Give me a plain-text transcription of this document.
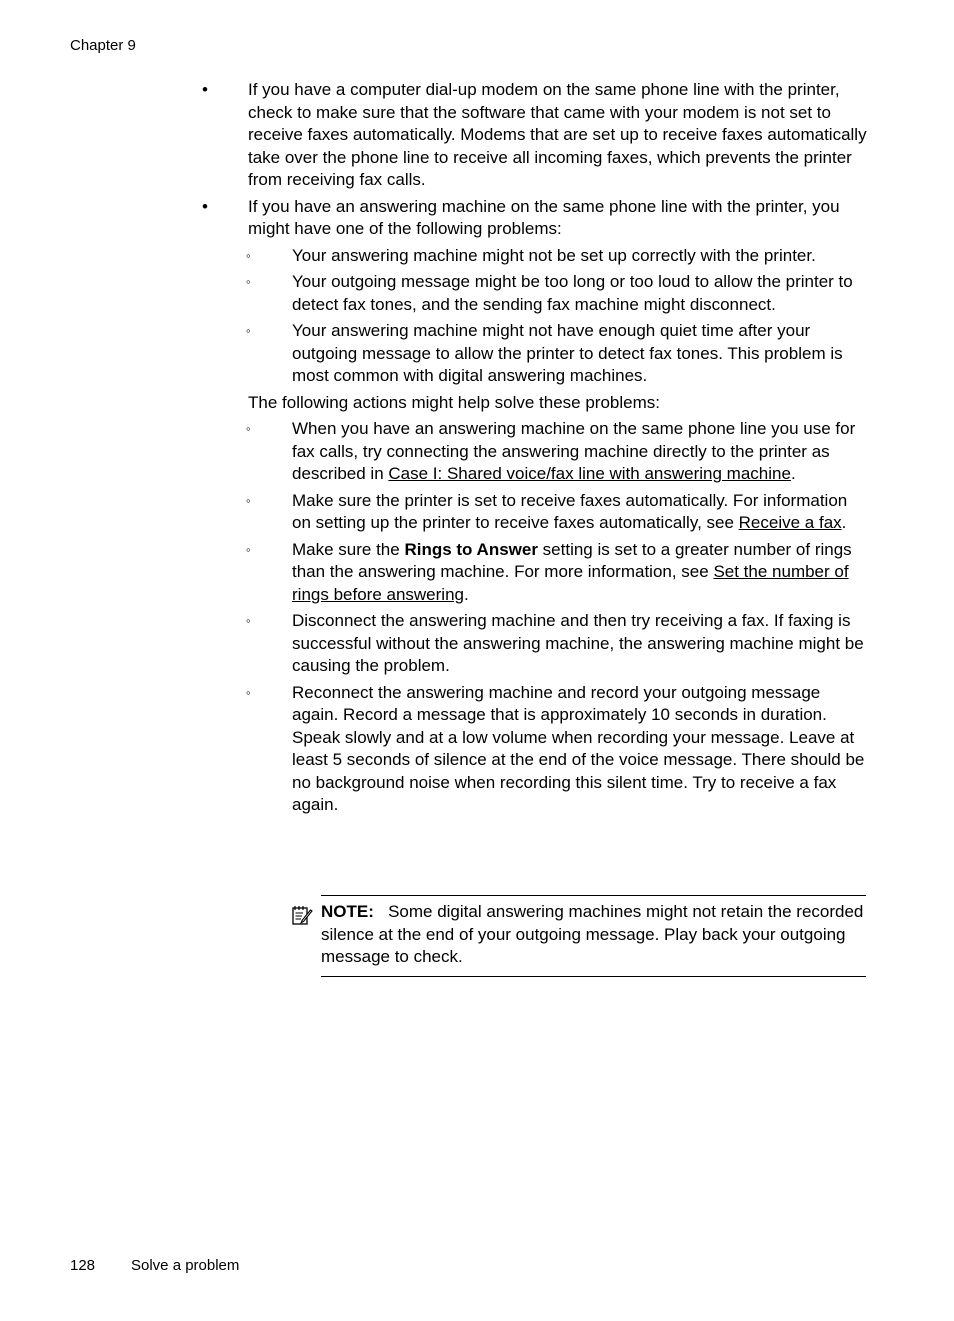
Chapter 9
• If you have a computer dial-up modem on the same phone line with the printer, check to make sure that the software that came with your modem is not set to receive faxes automatically. Modems that are set up to receive faxes automatically take over the phone line to receive all incoming faxes, which prevents the printer from receiving fax calls.
• If you have an answering machine on the same phone line with the printer, you might have one of the following problems:
◦ Your answering machine might not be set up correctly with the printer.
◦ Your outgoing message might be too long or too loud to allow the printer to detect fax tones, and the sending fax machine might disconnect.
◦ Your answering machine might not have enough quiet time after your outgoing message to allow the printer to detect fax tones. This problem is most common with digital answering machines.
The following actions might help solve these problems:
◦ When you have an answering machine on the same phone line you use for fax calls, try connecting the answering machine directly to the printer as described in Case I: Shared voice/fax line with answering machine.
◦ Make sure the printer is set to receive faxes automatically. For information on setting up the printer to receive faxes automatically, see Receive a fax.
◦ Make sure the Rings to Answer setting is set to a greater number of rings than the answering machine. For more information, see Set the number of rings before answering.
◦ Disconnect the answering machine and then try receiving a fax. If faxing is successful without the answering machine, the answering machine might be causing the problem.
◦ Reconnect the answering machine and record your outgoing message again. Record a message that is approximately 10 seconds in duration. Speak slowly and at a low volume when recording your message. Leave at least 5 seconds of silence at the end of the voice message. There should be no background noise when recording this silent time. Try to receive a fax again.
NOTE: Some digital answering machines might not retain the recorded silence at the end of your outgoing message. Play back your outgoing message to check.
128 Solve a problem
